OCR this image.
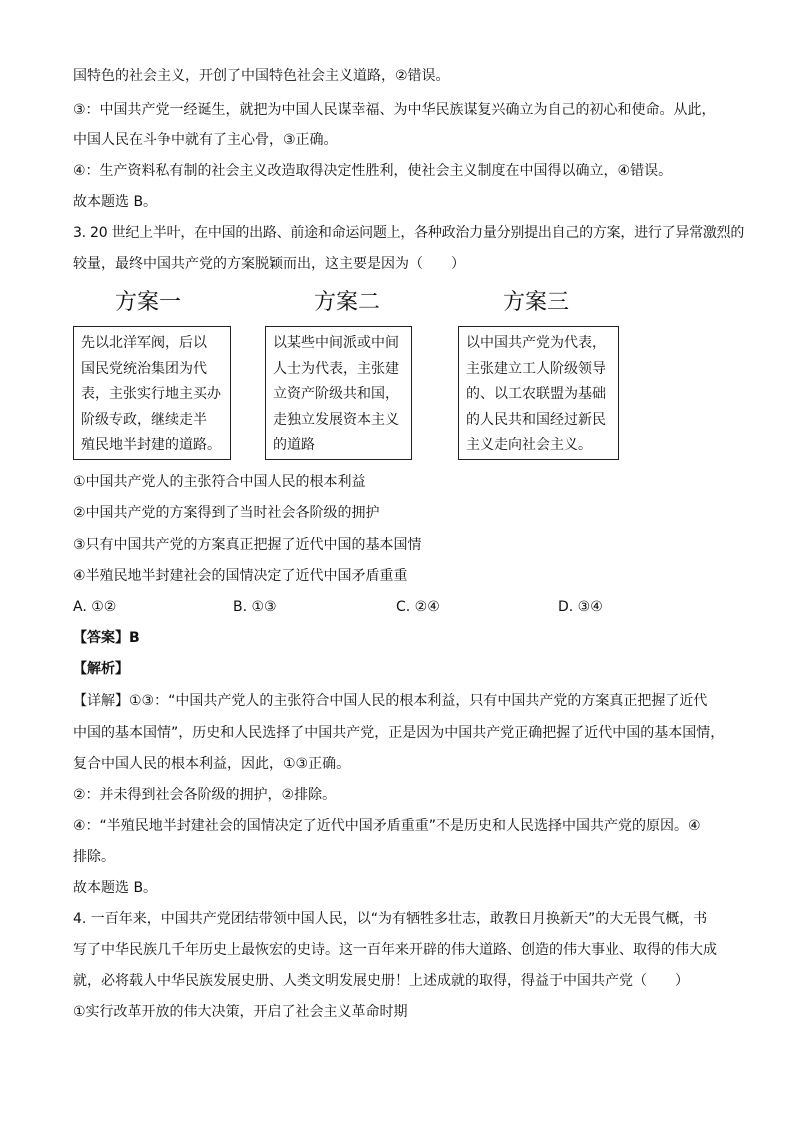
国特色的社会主义，开创了中国特色社会主义道路，②错误。
③：中国共产党一经诞生，就把为中国人民谋幸福、为中华民族谋复兴确立为自己的初心和使命。从此，
中国人民在斗争中就有了主心骨，③正确。
④：生产资料私有制的社会主义改造取得决定性胜利，使社会主义制度在中国得以确立，④错误。
故本题选 B。
3. 20 世纪上半叶，在中国的出路、前途和命运问题上，各种政治力量分别提出自己的方案，进行了异常激烈的
较量，最终中国共产党的方案脱颖而出，这主要是因为（　　）
方案一	方案二	方案三
先以北洋军阀，后以
国民党统治集团为代
表，主张实行地主买办
阶级专政，继续走半
殖民地半封建的道路。
以某些中间派或中间
人士为代表，主张建
立资产阶级共和国，
走独立发展资本主义
的道路
以中国共产党为代表，
主张建立工人阶级领导
的、以工农联盟为基础
的人民共和国经过新民
主义走向社会主义。
①中国共产党人的主张符合中国人民的根本利益
②中国共产党的方案得到了当时社会各阶级的拥护
③只有中国共产党的方案真正把握了近代中国的基本国情
④半殖民地半封建社会的国情决定了近代中国矛盾重重
A. ①②	B. ①③	C. ②④	D. ③④
【答案】B
【解析】
【详解】①③：“中国共产党人的主张符合中国人民的根本利益，只有中国共产党的方案真正把握了近代
中国的基本国情”，历史和人民选择了中国共产党，正是因为中国共产党正确把握了近代中国的基本国情，
复合中国人民的根本利益，因此，①③正确。
②：并未得到社会各阶级的拥护，②排除。
④：“半殖民地半封建社会的国情决定了近代中国矛盾重重”不是历史和人民选择中国共产党的原因。④
排除。
故本题选 B。
4. 一百年来，中国共产党团结带领中国人民，以“为有牺牲多壮志，敢教日月换新天”的大无畏气概，书
写了中华民族几千年历史上最恢宏的史诗。这一百年来开辟的伟大道路、创造的伟大事业、取得的伟大成
就，必将载人中华民族发展史册、人类文明发展史册！上述成就的取得，得益于中国共产党（　　）
①实行改革开放的伟大决策，开启了社会主义革命时期
